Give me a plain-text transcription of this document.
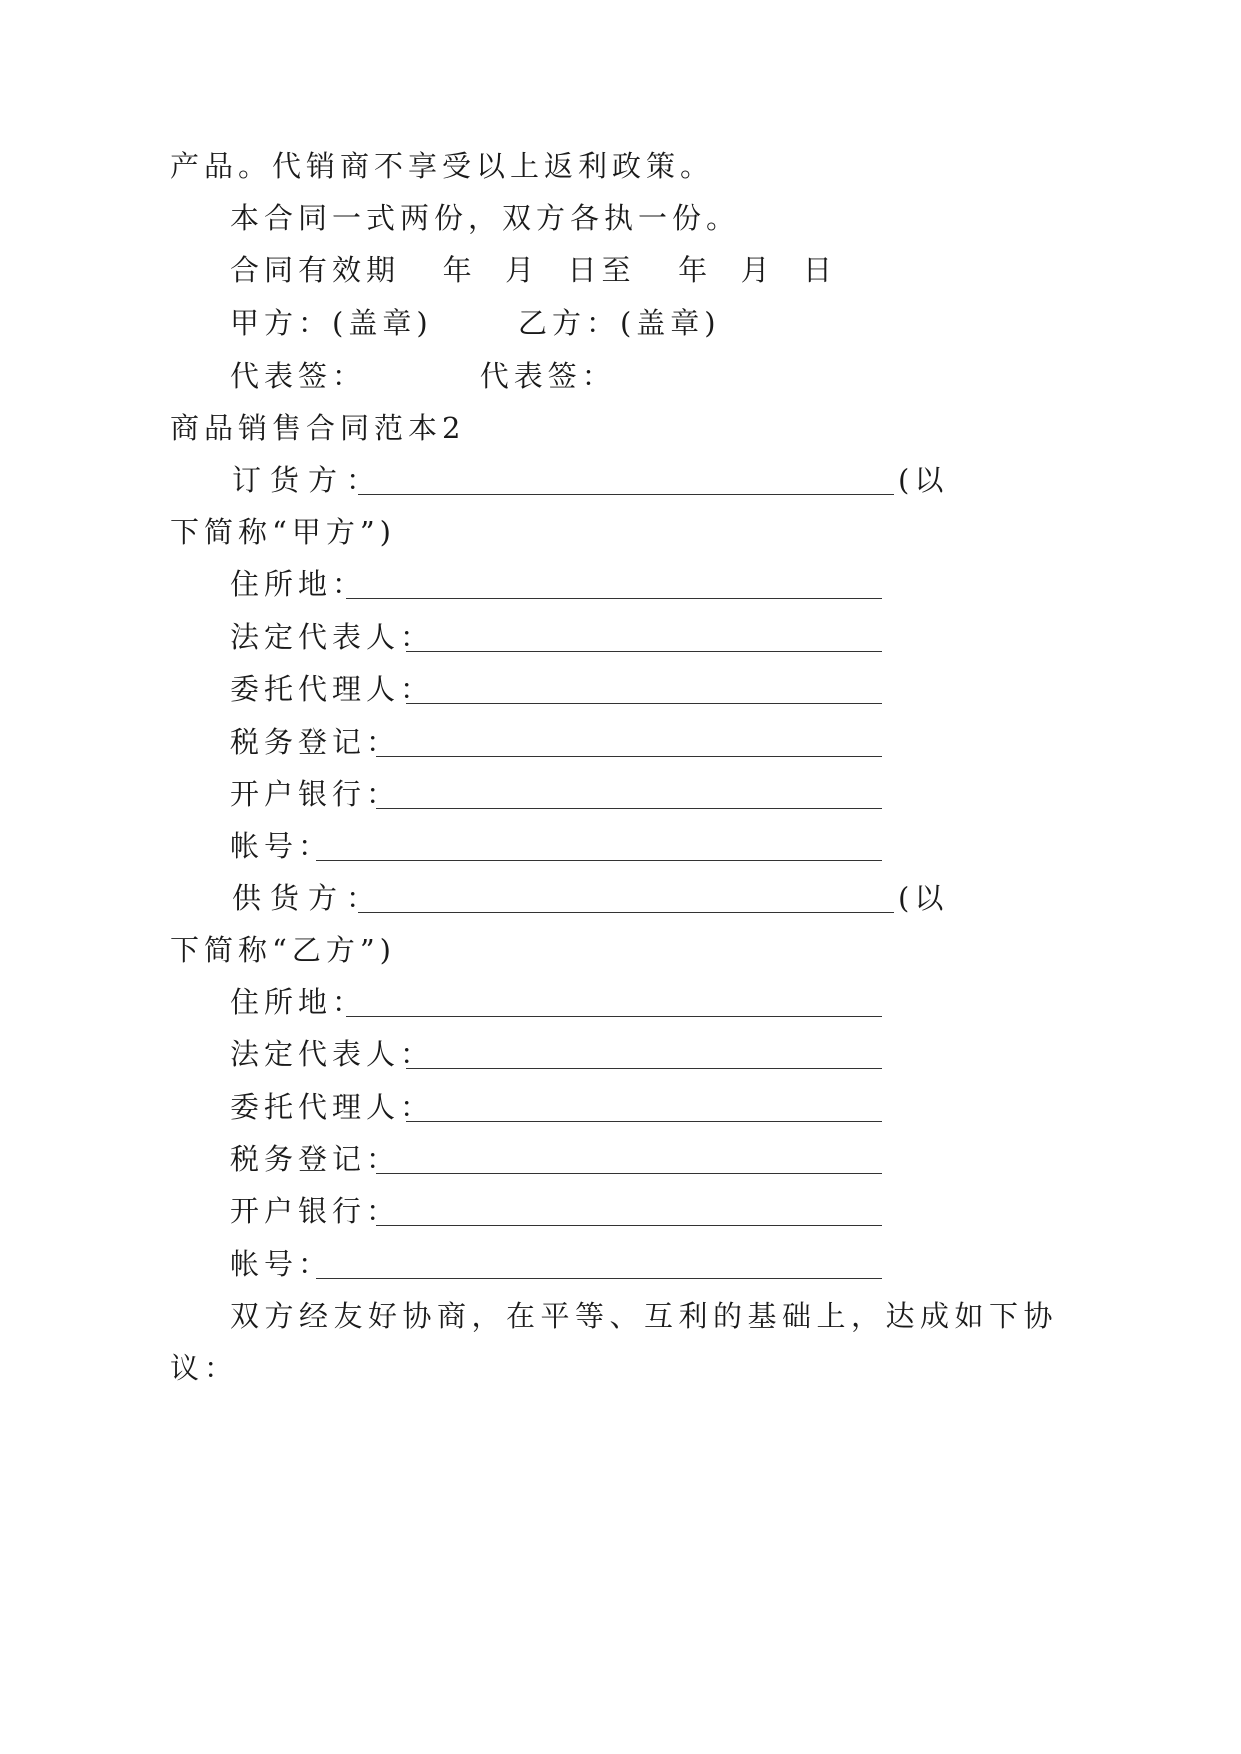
产品。代销商不享受以上返利政策。
本合同一式两份，双方各执一份。
合同有效期   年  月  日至   年  月  日
甲方：(盖章)      乙方：(盖章)
代表签：        代表签：
商品销售合同范本2
订货方：	(以
下简称“甲方”)
住所地：
法定代表人：
委托代理人：
税务登记：
开户银行：
帐号：
供货方：	(以
下简称“乙方”)
住所地：
法定代表人：
委托代理人：
税务登记：
开户银行：
帐号：
双方经友好协商，在平等、互利的基础上，达成如下协
议：
